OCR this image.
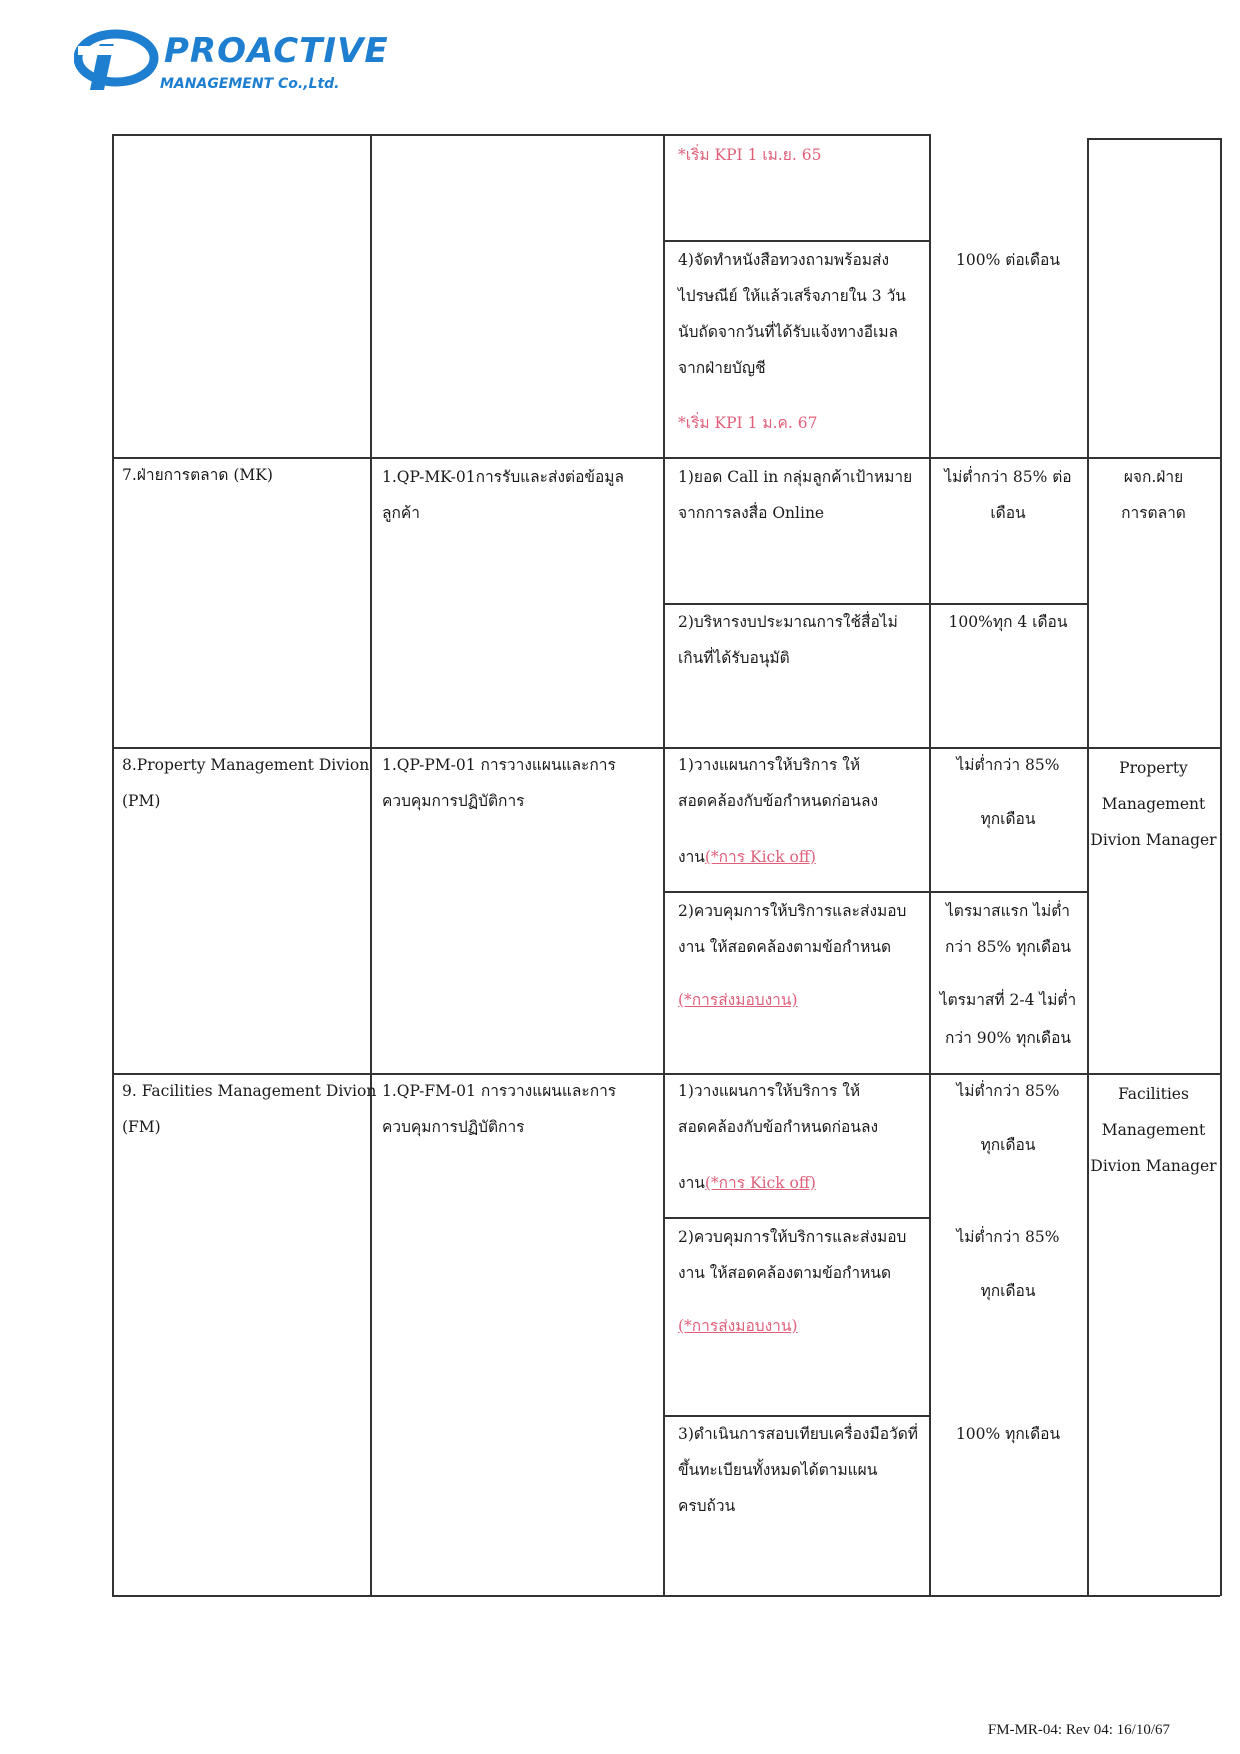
PROACTIVE
MANAGEMENT Co.,Ltd.
*เริ่ม KPI 1 เม.ย. 65
4)จัดทำหนังสือทวงถามพร้อมส่ง
ไปรษณีย์ ให้แล้วเสร็จภายใน 3 วัน
นับถัดจากวันที่ได้รับแจ้งทางอีเมล
จากฝ่ายบัญชี
*เริ่ม KPI 1 ม.ค. 67
100% ต่อเดือน
7.ฝ่ายการตลาด (MK)	1.QP-MK-01การรับและส่งต่อข้อมูล
ลูกค้า
1)ยอด Call in กลุ่มลูกค้าเป้าหมาย
จากการลงสื่อ Online
ไม่ต่ำกว่า 85% ต่อ
เดือน
ผจก.ฝ่าย
การตลาด
2)บริหารงบประมาณการใช้สื่อไม่
เกินที่ได้รับอนุมัติ
100%ทุก 4 เดือน
8.Property Management Divion
(PM)
1.QP-PM-01 การวางแผนและการ
ควบคุมการปฏิบัติการ
1)วางแผนการให้บริการ ให้
สอดคล้องกับข้อกำหนดก่อนลง
งาน(*การ Kick off)
ไม่ต่ำกว่า 85%
ทุกเดือน
Property
Management
Divion Manager
2)ควบคุมการให้บริการและส่งมอบ
งาน ให้สอดคล้องตามข้อกำหนด
(*การส่งมอบงาน)
ไตรมาสแรก ไม่ต่ำ
กว่า 85% ทุกเดือน
ไตรมาสที่ 2-4 ไม่ต่ำ
กว่า 90% ทุกเดือน
9. Facilities Management Divion
(FM)
1.QP-FM-01 การวางแผนและการ
ควบคุมการปฏิบัติการ
1)วางแผนการให้บริการ ให้
สอดคล้องกับข้อกำหนดก่อนลง
งาน(*การ Kick off)
ไม่ต่ำกว่า 85%
ทุกเดือน
Facilities
Management
Divion Manager
2)ควบคุมการให้บริการและส่งมอบ
งาน ให้สอดคล้องตามข้อกำหนด
(*การส่งมอบงาน)
ไม่ต่ำกว่า 85%
ทุกเดือน
3)ดำเนินการสอบเทียบเครื่องมือวัดที่
ขึ้นทะเบียนทั้งหมดได้ตามแผน
ครบถ้วน
100% ทุกเดือน
FM-MR-04: Rev 04: 16/10/67
